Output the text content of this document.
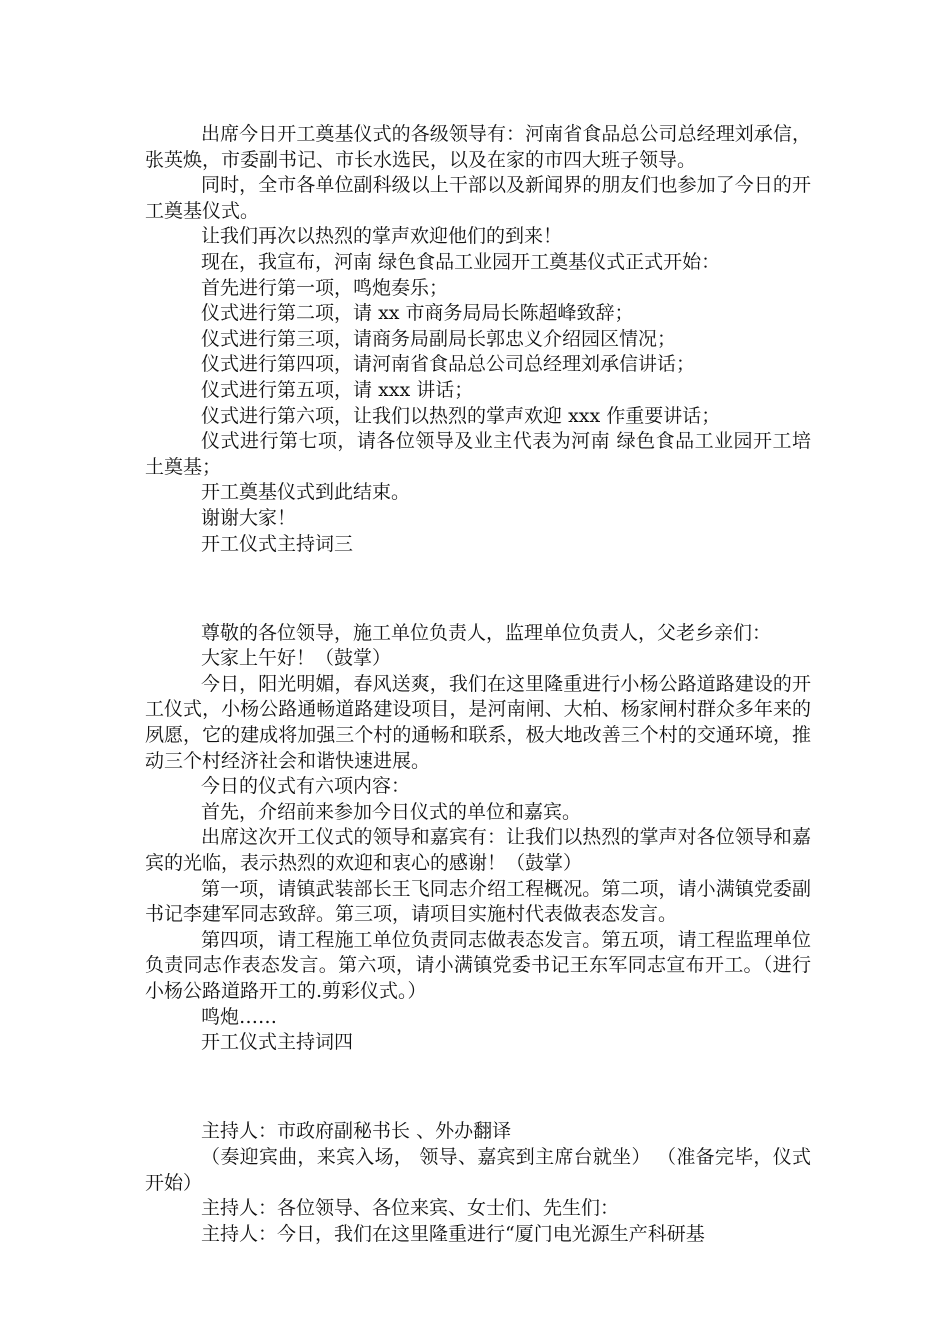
出席今日开工奠基仪式的各级领导有：河南省食品总公司总经理刘承信， 张英焕，市委副书记、市长水选民，以及在家的市四大班子领导。

同时，全市各单位副科级以上干部以及新闻界的朋友们也参加了今日的开工奠基仪式。

让我们再次以热烈的掌声欢迎他们的到来！

现在，我宣布，河南 绿色食品工业园开工奠基仪式正式开始：

首先进行第一项，鸣炮奏乐；

仪式进行第二项，请 xx 市商务局局长陈超峰致辞；

仪式进行第三项，请商务局副局长郭忠义介绍园区情况；

仪式进行第四项，请河南省食品总公司总经理刘承信讲话；

仪式进行第五项，请 xxx 讲话；

仪式进行第六项，让我们以热烈的掌声欢迎 xxx 作重要讲话；

仪式进行第七项，请各位领导及业主代表为河南 绿色食品工业园开工培土奠基；

开工奠基仪式到此结束。

谢谢大家！

开工仪式主持词三

尊敬的各位领导，施工单位负责人，监理单位负责人，父老乡亲们：

大家上午好！（鼓掌）

今日，阳光明媚，春风送爽，我们在这里隆重进行小杨公路道路建设的开工仪式，小杨公路通畅道路建设项目，是河南闸、大柏、杨家闸村群众多年来的夙愿，它的建成将加强三个村的通畅和联系，极大地改善三个村的交通环境，推动三个村经济社会和谐快速进展。

今日的仪式有六项内容：

首先，介绍前来参加今日仪式的单位和嘉宾。

出席这次开工仪式的领导和嘉宾有：让我们以热烈的掌声对各位领导和嘉宾的光临，表示热烈的欢迎和衷心的感谢！（鼓掌）

第一项，请镇武装部长王飞同志介绍工程概况。第二项，请小满镇党委副书记李建军同志致辞。第三项，请项目实施村代表做表态发言。

第四项，请工程施工单位负责同志做表态发言。第五项，请工程监理单位负责同志作表态发言。第六项，请小满镇党委书记王东军同志宣布开工。（进行小杨公路道路开工的.剪彩仪式。）

鸣炮……

开工仪式主持词四

主持人：市政府副秘书长 、外办翻译

（奏迎宾曲，来宾入场， 领导、嘉宾到主席台就坐） （准备完毕，仪式开始）

主持人：各位领导、各位来宾、女士们、先生们：

主持人：今日，我们在这里隆重进行“厦门电光源生产科研基
